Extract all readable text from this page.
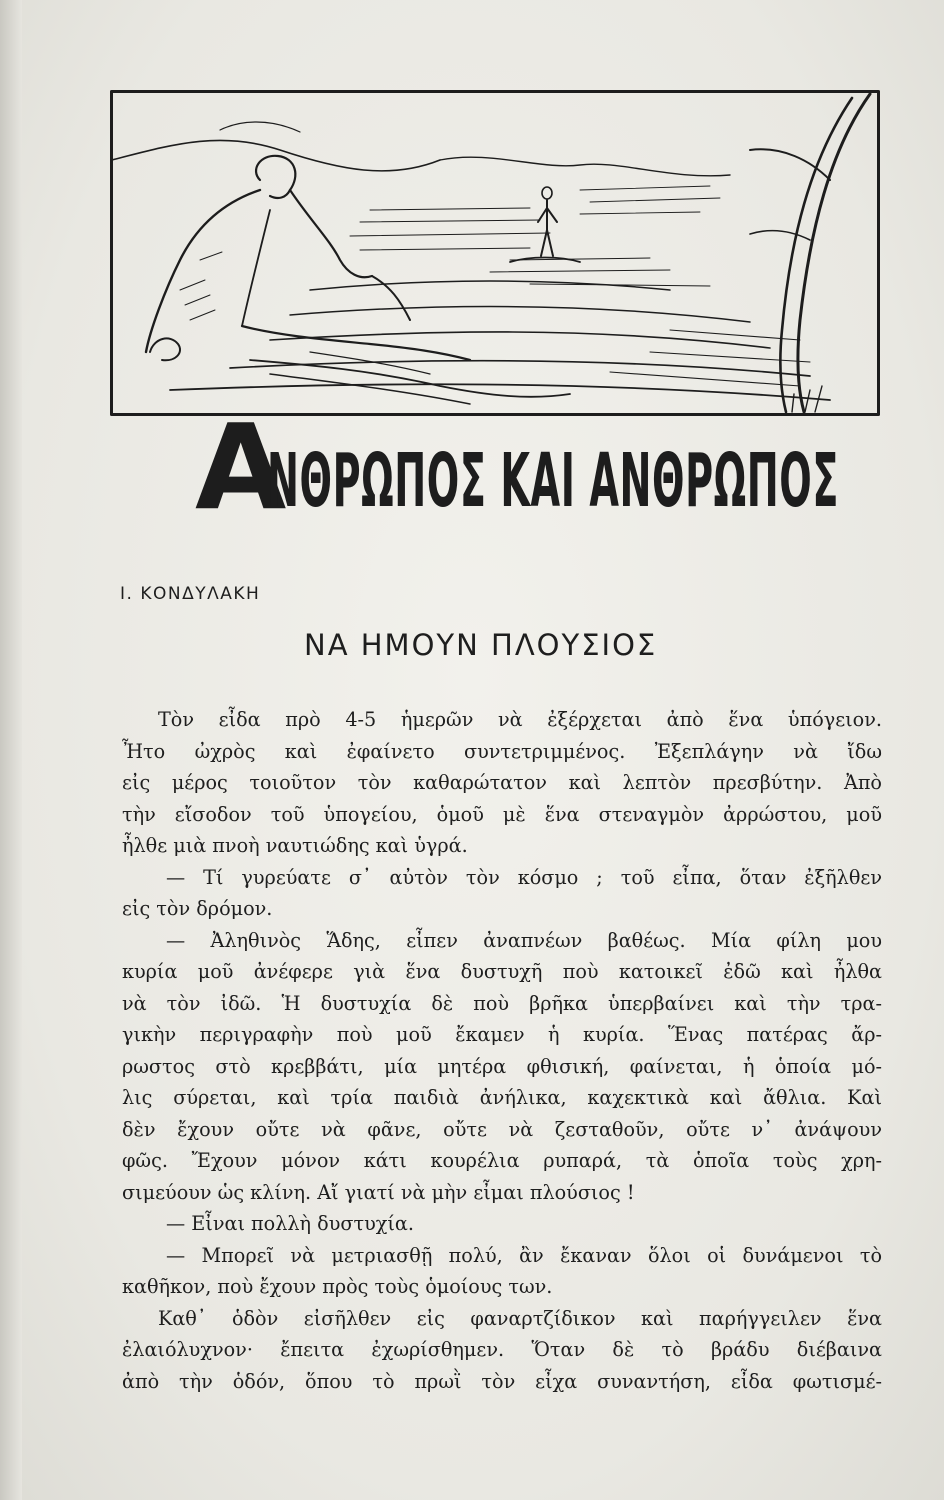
Α
ΝΘΡΩΠΟΣ ΚΑΙ ΑΝΘΡΩΠΟΣ
Ι. ΚΟΝΔΥΛΑΚΗ
ΝΑ ΗΜΟΥΝ ΠΛΟΥΣΙΟΣ
Τὸν εἶδα πρὸ 4-5 ἡμερῶν νὰ ἐξέρχεται ἀπὸ ἕνα ὑπόγειον.
Ἦτο ὠχρὸς καὶ ἐφαίνετο συντετριμμένος. Ἐξεπλάγην νὰ ἴδω
εἰς μέρος τοιοῦτον τὸν καθαρώτατον καὶ λεπτὸν πρεσβύτην. Ἀπὸ
τὴν εἴσοδον τοῦ ὑπογείου, ὁμοῦ μὲ ἕνα στεναγμὸν ἀρρώστου, μοῦ
ἦλθε μιὰ πνοὴ ναυτιώδης καὶ ὑγρά.
— Τί γυρεύατε σ᾽ αὐτὸν τὸν κόσμο ; τοῦ εἶπα, ὅταν ἐξῆλθεν
εἰς τὸν δρόμον.
— Ἀληθινὸς Ἅδης, εἶπεν ἀναπνέων βαθέως. Μία φίλη μου
κυρία μοῦ ἀνέφερε γιὰ ἕνα δυστυχῆ ποὺ κατοικεῖ ἐδῶ καὶ ἦλθα
νὰ τὸν ἰδῶ. Ἡ δυστυχία δὲ ποὺ βρῆκα ὑπερβαίνει καὶ τὴν τρα-
γικὴν περιγραφὴν ποὺ μοῦ ἔκαμεν ἡ κυρία. Ἕνας πατέρας ἄρ-
ρωστος στὸ κρεββάτι, μία μητέρα φθισική, φαίνεται, ἡ ὁποία μό-
λις σύρεται, καὶ τρία παιδιὰ ἀνήλικα, καχεκτικὰ καὶ ἄθλια. Καὶ
δὲν ἔχουν οὔτε νὰ φᾶνε, οὔτε νὰ ζεσταθοῦν, οὔτε ν᾽ ἀνάψουν
φῶς. Ἔχουν μόνον κάτι κουρέλια ρυπαρά, τὰ ὁποῖα τοὺς χρη-
σιμεύουν ὡς κλίνη. Αἴ γιατί νὰ μὴν εἶμαι πλούσιος !
— Εἶναι πολλὴ δυστυχία.
— Μπορεῖ νὰ μετριασθῇ πολύ, ἂν ἔκαναν ὅλοι οἱ δυνάμενοι τὸ
καθῆκον, ποὺ ἔχουν πρὸς τοὺς ὁμοίους των.
Καθ᾽ ὁδὸν εἰσῆλθεν εἰς φαναρτζίδικον καὶ παρήγγειλεν ἕνα
ἐλαιόλυχνον· ἔπειτα ἐχωρίσθημεν. Ὅταν δὲ τὸ βράδυ διέβαινα
ἀπὸ τὴν ὁδόν, ὅπου τὸ πρωῒ τὸν εἶχα συναντήση, εἶδα φωτισμέ-
